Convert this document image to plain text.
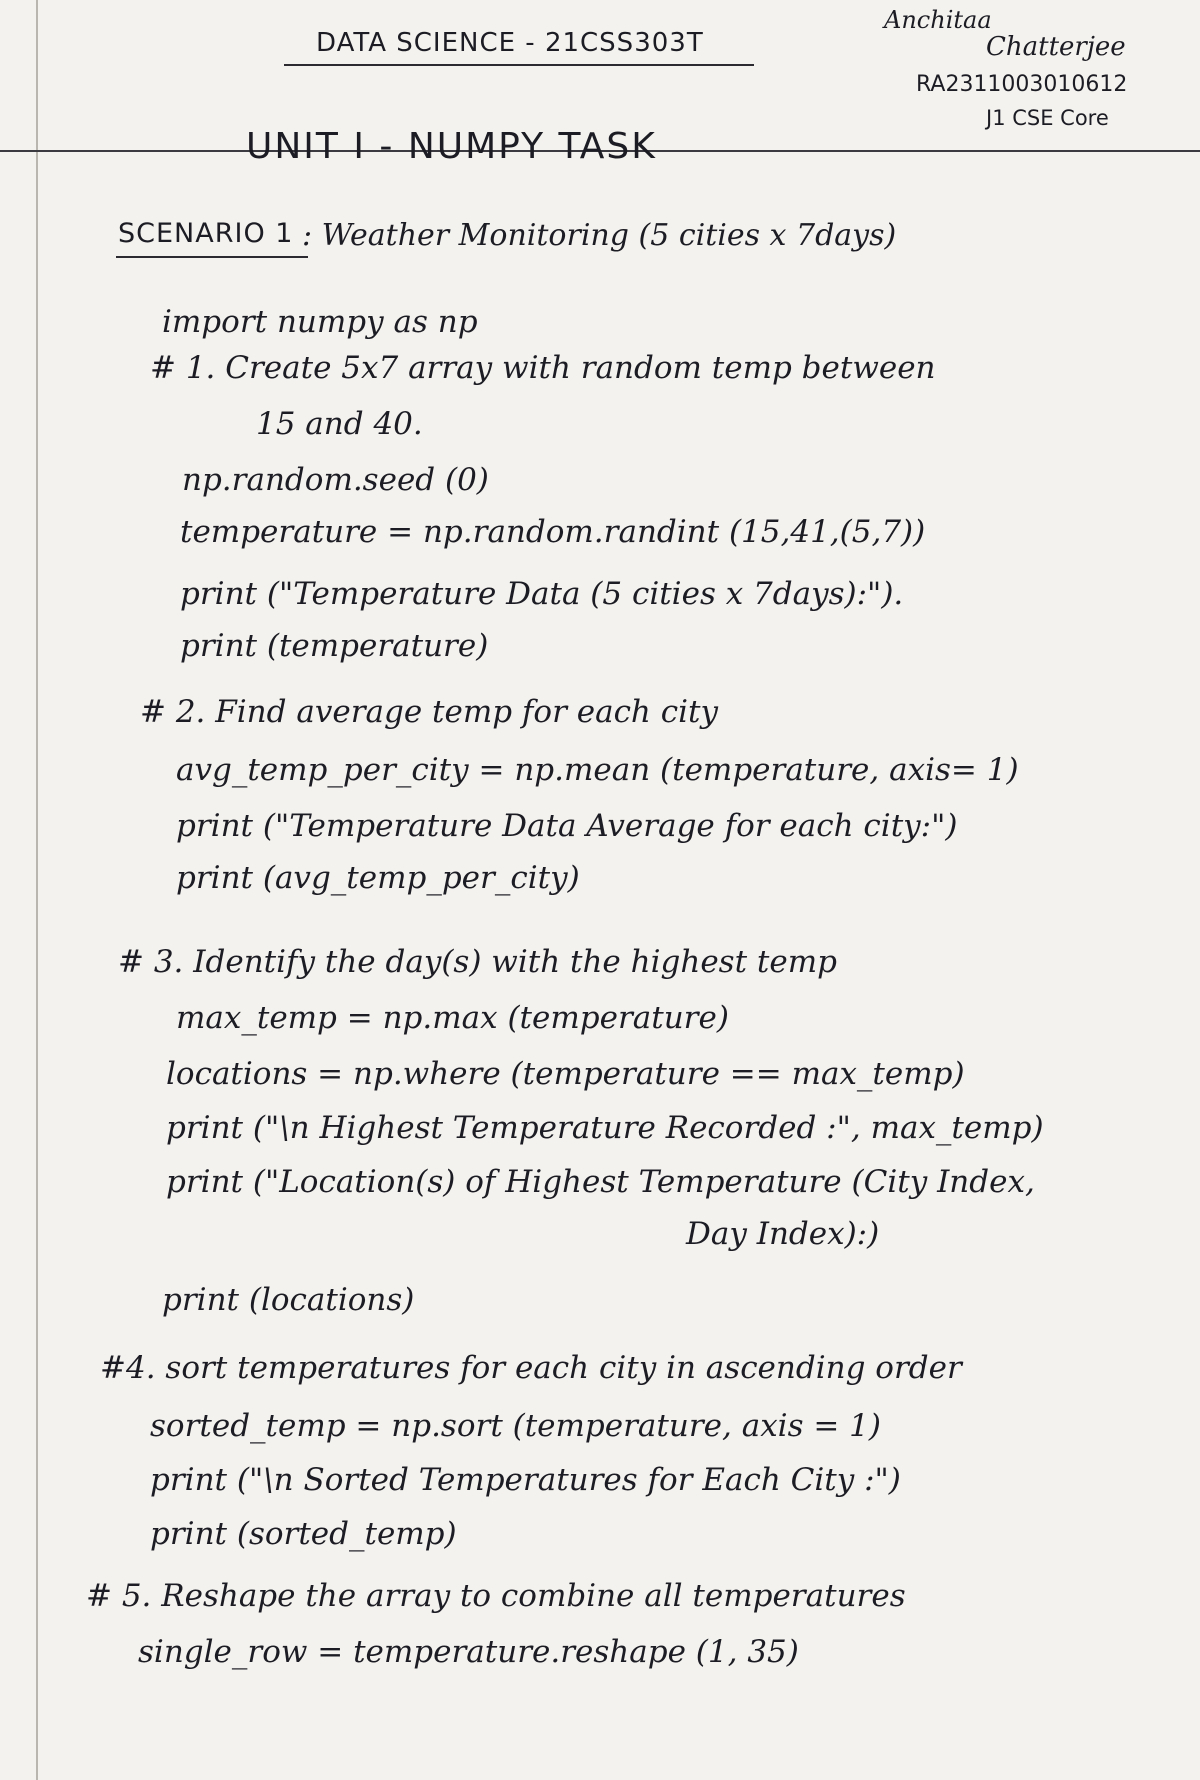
DATA SCIENCE - 21CSS303T
Anchitaa
Chatterjee
RA2311003010612
J1 CSE Core
UNIT I - NUMPY TASK
SCENARIO 1 : Weather Monitoring (5 cities x 7days)
import numpy as np
# 1. Create 5x7 array with random temp between
15 and 40.
np.random.seed (0)
temperature = np.random.randint (15,41,(5,7))
print ("Temperature Data (5 cities x 7days):").
print (temperature)
# 2. Find average temp for each city
avg_temp_per_city = np.mean (temperature, axis= 1)
print ("Temperature Data Average for each city:")
print (avg_temp_per_city)
# 3. Identify the day(s) with the highest temp
max_temp = np.max (temperature)
locations = np.where (temperature == max_temp)
print ("\n Highest Temperature Recorded :", max_temp)
print ("Location(s) of Highest Temperature (City Index,
Day Index):)
print (locations)
#4. sort temperatures for each city in ascending order
sorted_temp = np.sort (temperature, axis = 1)
print ("\n Sorted Temperatures for Each City :")
print (sorted_temp)
# 5. Reshape the array to combine all temperatures
single_row = temperature.reshape (1, 35)
